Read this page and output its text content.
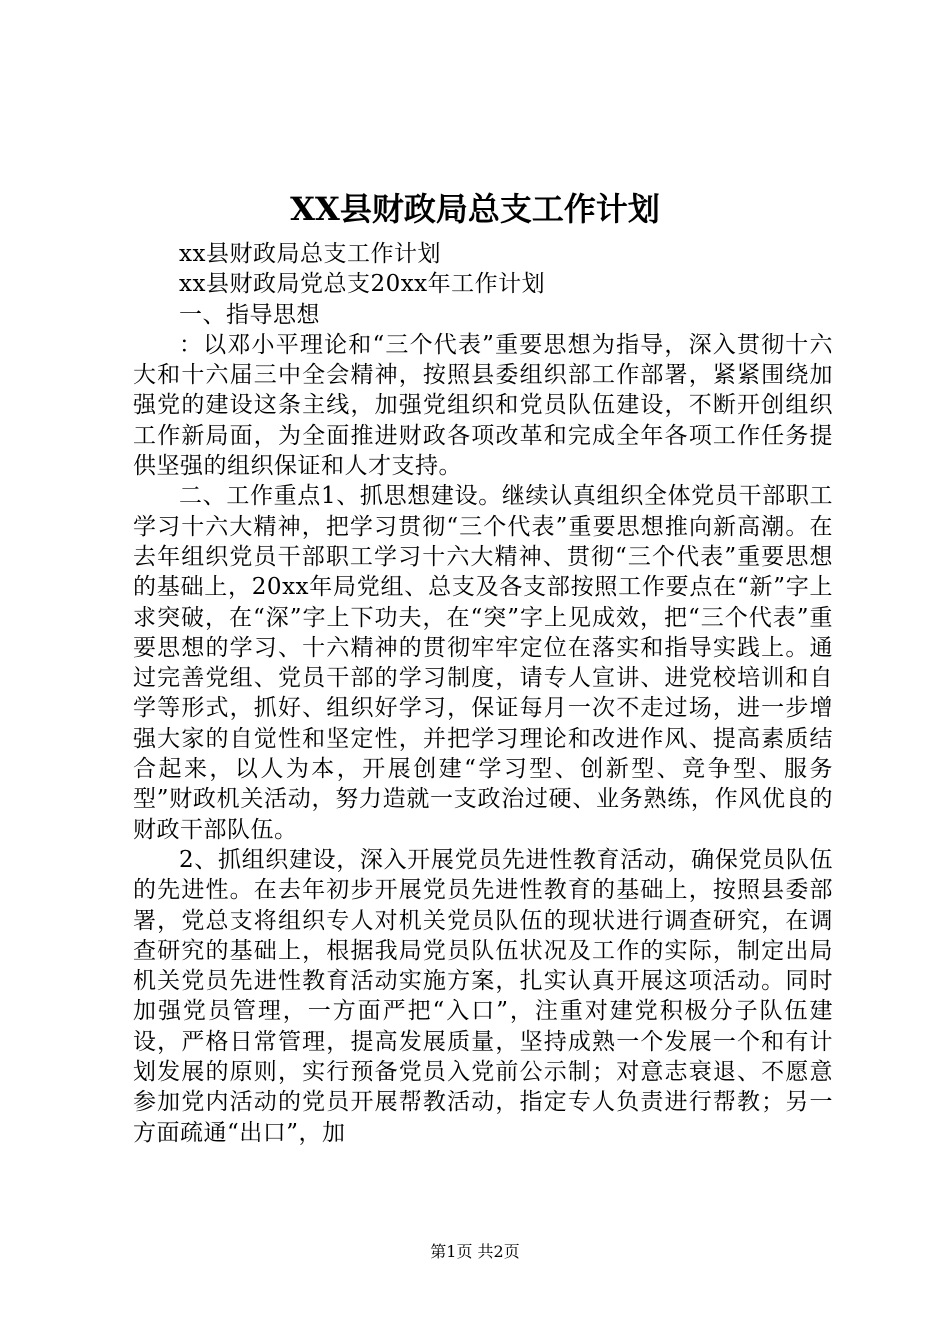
XX县财政局总支工作计划

xx县财政局总支工作计划

xx县财政局党总支20xx年工作计划

一、指导思想

：以邓小平理论和“三个代表”重要思想为指导，深入贯彻十六大和十六届三中全会精神，按照县委组织部工作部署，紧紧围绕加强党的建设这条主线，加强党组织和党员队伍建设，不断开创组织工作新局面，为全面推进财政各项改革和完成全年各项工作任务提供坚强的组织保证和人才支持。

二、工作重点1、抓思想建设。继续认真组织全体党员干部职工学习十六大精神，把学习贯彻“三个代表”重要思想推向新高潮。在去年组织党员干部职工学习十六大精神、贯彻“三个代表”重要思想的基础上，20xx年局党组、总支及各支部按照工作要点在“新”字上求突破，在“深”字上下功夫，在“突”字上见成效，把“三个代表”重要思想的学习、十六精神的贯彻牢牢定位在落实和指导实践上。通过完善党组、党员干部的学习制度，请专人宣讲、进党校培训和自学等形式，抓好、组织好学习，保证每月一次不走过场，进一步增强大家的自觉性和坚定性，并把学习理论和改进作风、提高素质结合起来，以人为本，开展创建“学习型、创新型、竞争型、服务型”财政机关活动，努力造就一支政治过硬、业务熟练，作风优良的财政干部队伍。

2、抓组织建设，深入开展党员先进性教育活动，确保党员队伍的先进性。在去年初步开展党员先进性教育的基础上，按照县委部署，党总支将组织专人对机关党员队伍的现状进行调查研究，在调查研究的基础上，根据我局党员队伍状况及工作的实际，制定出局机关党员先进性教育活动实施方案，扎实认真开展这项活动。同时加强党员管理，一方面严把“入口”，注重对建党积极分子队伍建设，严格日常管理，提高发展质量，坚持成熟一个发展一个和有计划发展的原则，实行预备党员入党前公示制；对意志衰退、不愿意参加党内活动的党员开展帮教活动，指定专人负责进行帮教；另一方面疏通“出口”，加

第1页 共2页
